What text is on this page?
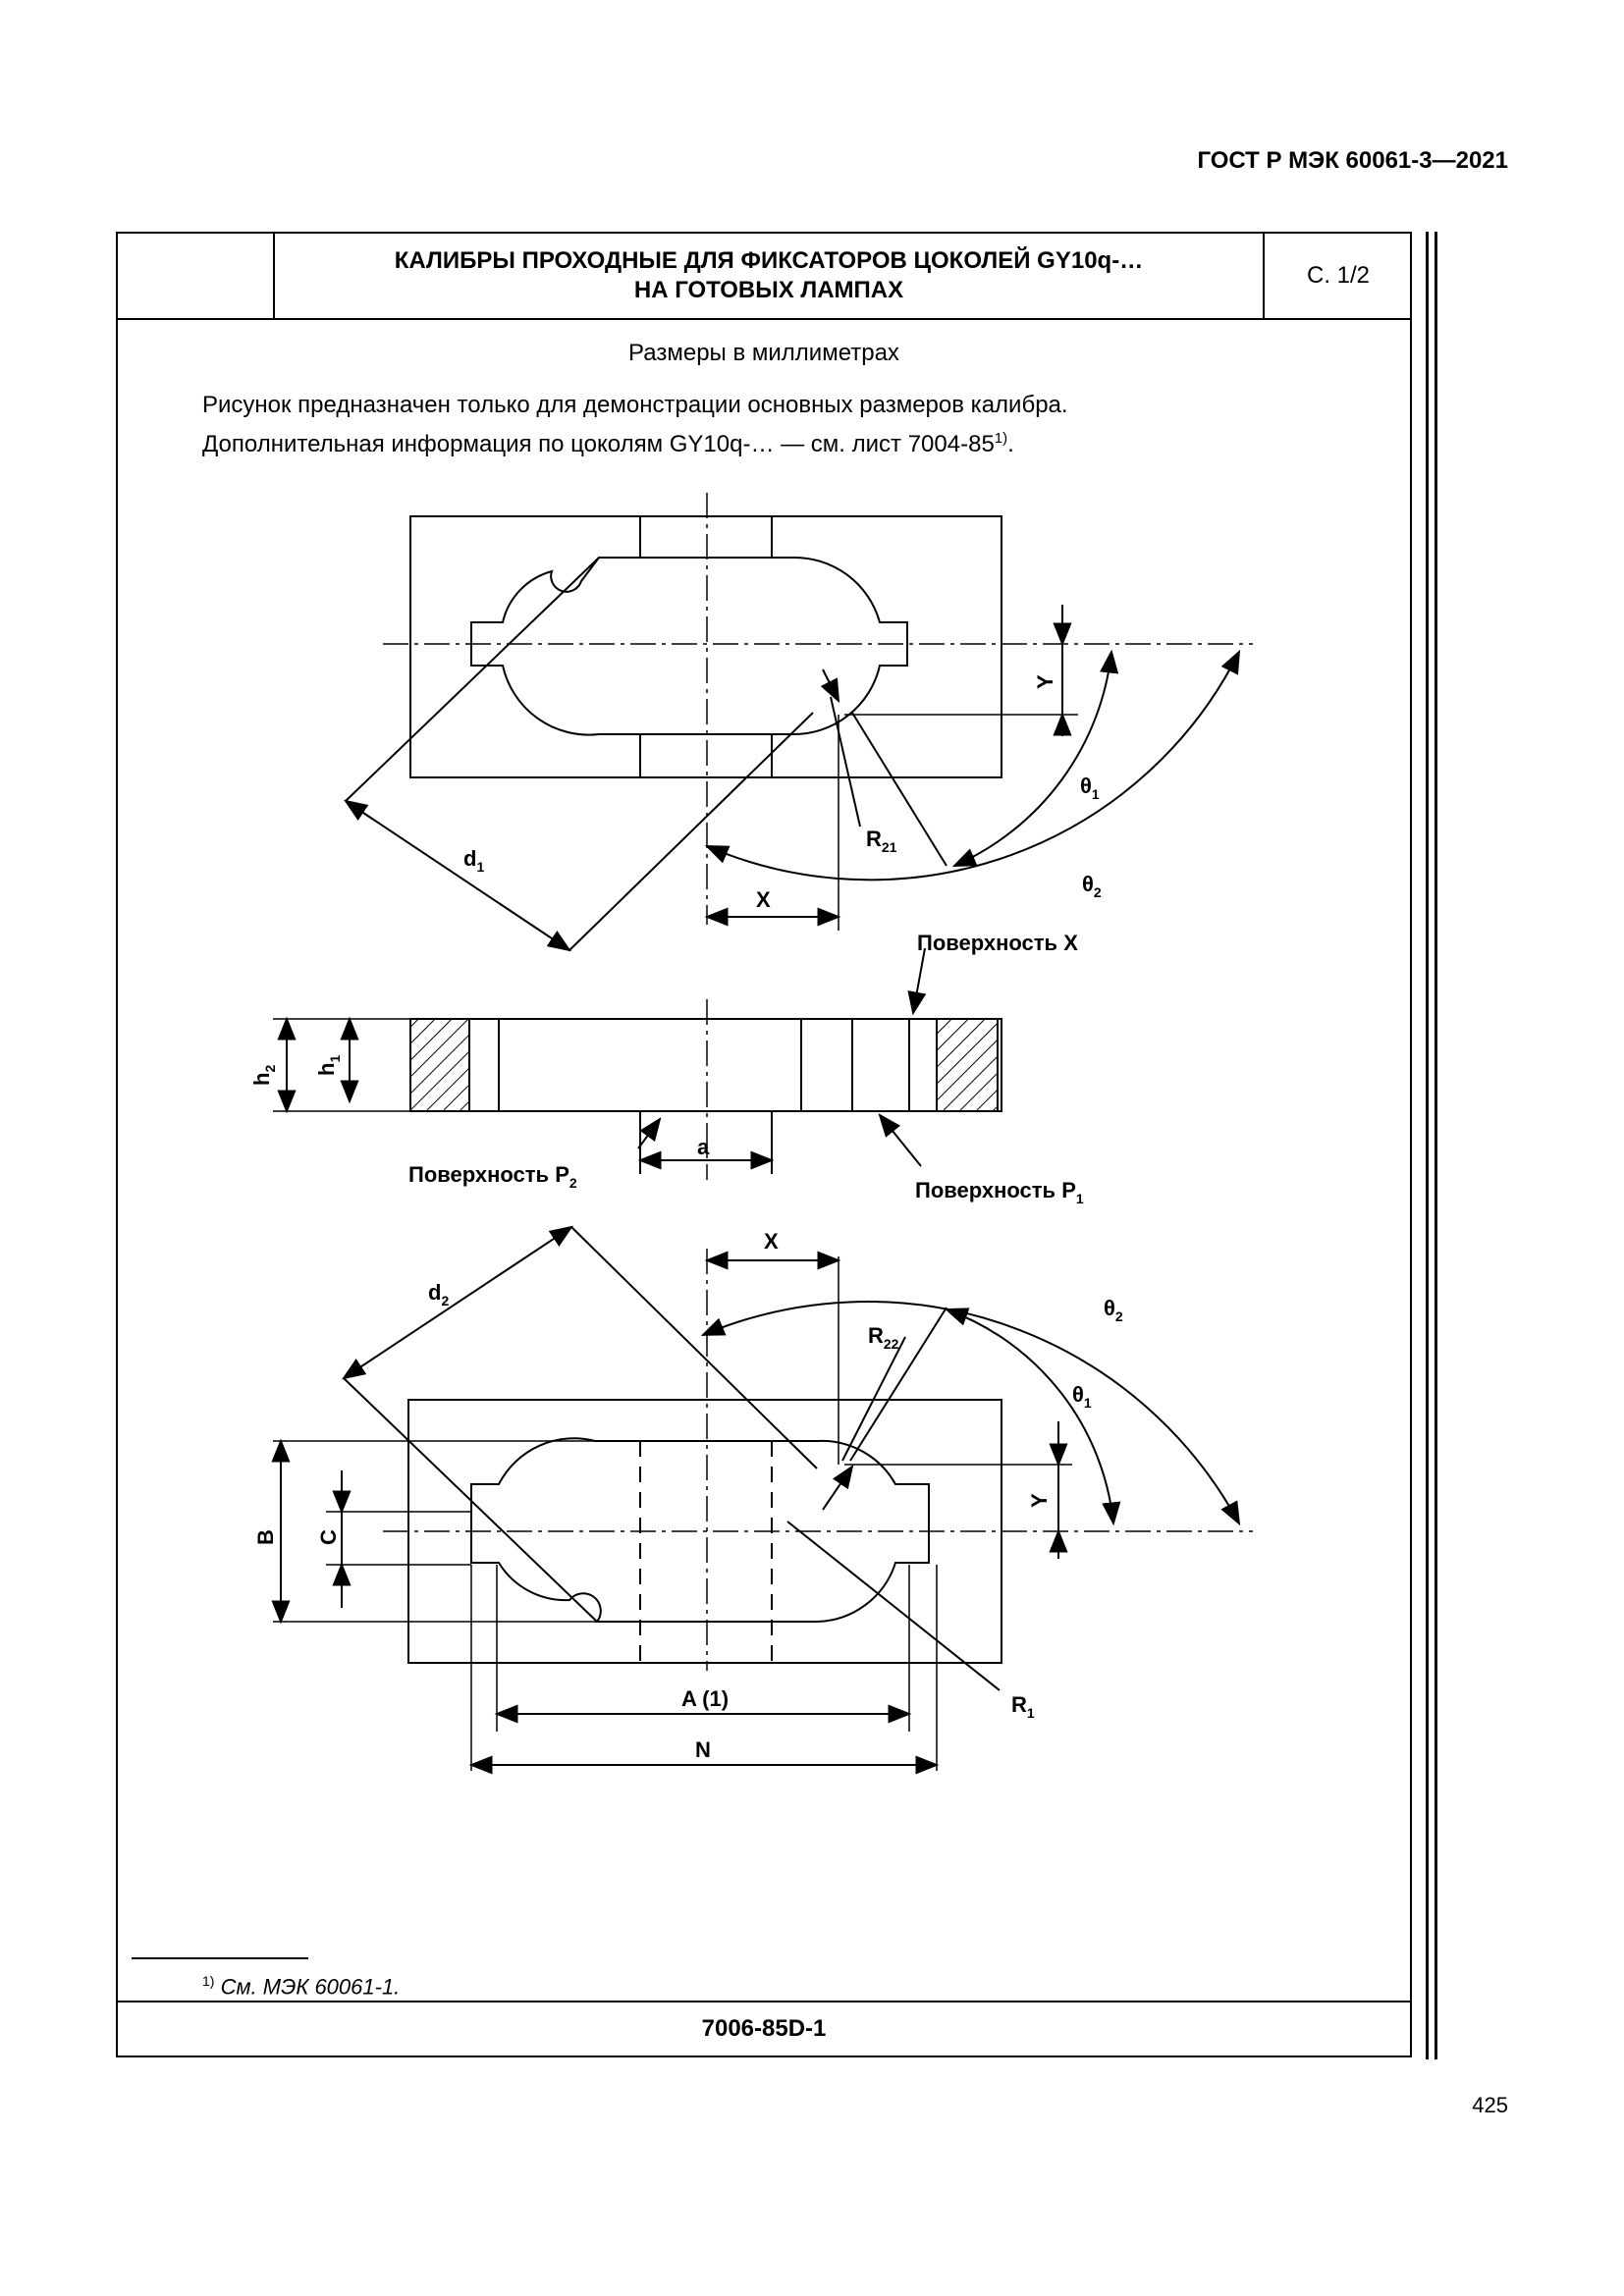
ГОСТ Р МЭК 60061-3—2021
КАЛИБРЫ ПРОХОДНЫЕ ДЛЯ ФИКСАТОРОВ ЦОКОЛЕЙ GY10q-…
НА ГОТОВЫХ ЛАМПАХ
С. 1/2
Размеры в миллиметрах
Рисунок предназначен только для демонстрации основных размеров калибра.
Дополнительная информация по цоколям GY10q-… — см. лист 7004-85$^{1)}$.
$d_1$
X
Y
$\theta_1$
$\theta_2$
$R_{21}$
Поверхность X
$h_2$ $h_1$
a
Поверхность $P_2$	Поверхность $P_1$
X
$d_2$
$R_{22}$
$\theta_2$
$\theta_1$
Y
B C
A (1)
N
$R_1$
$^{1)}$ См. МЭК 60061-1.
7006-85D-1
425
